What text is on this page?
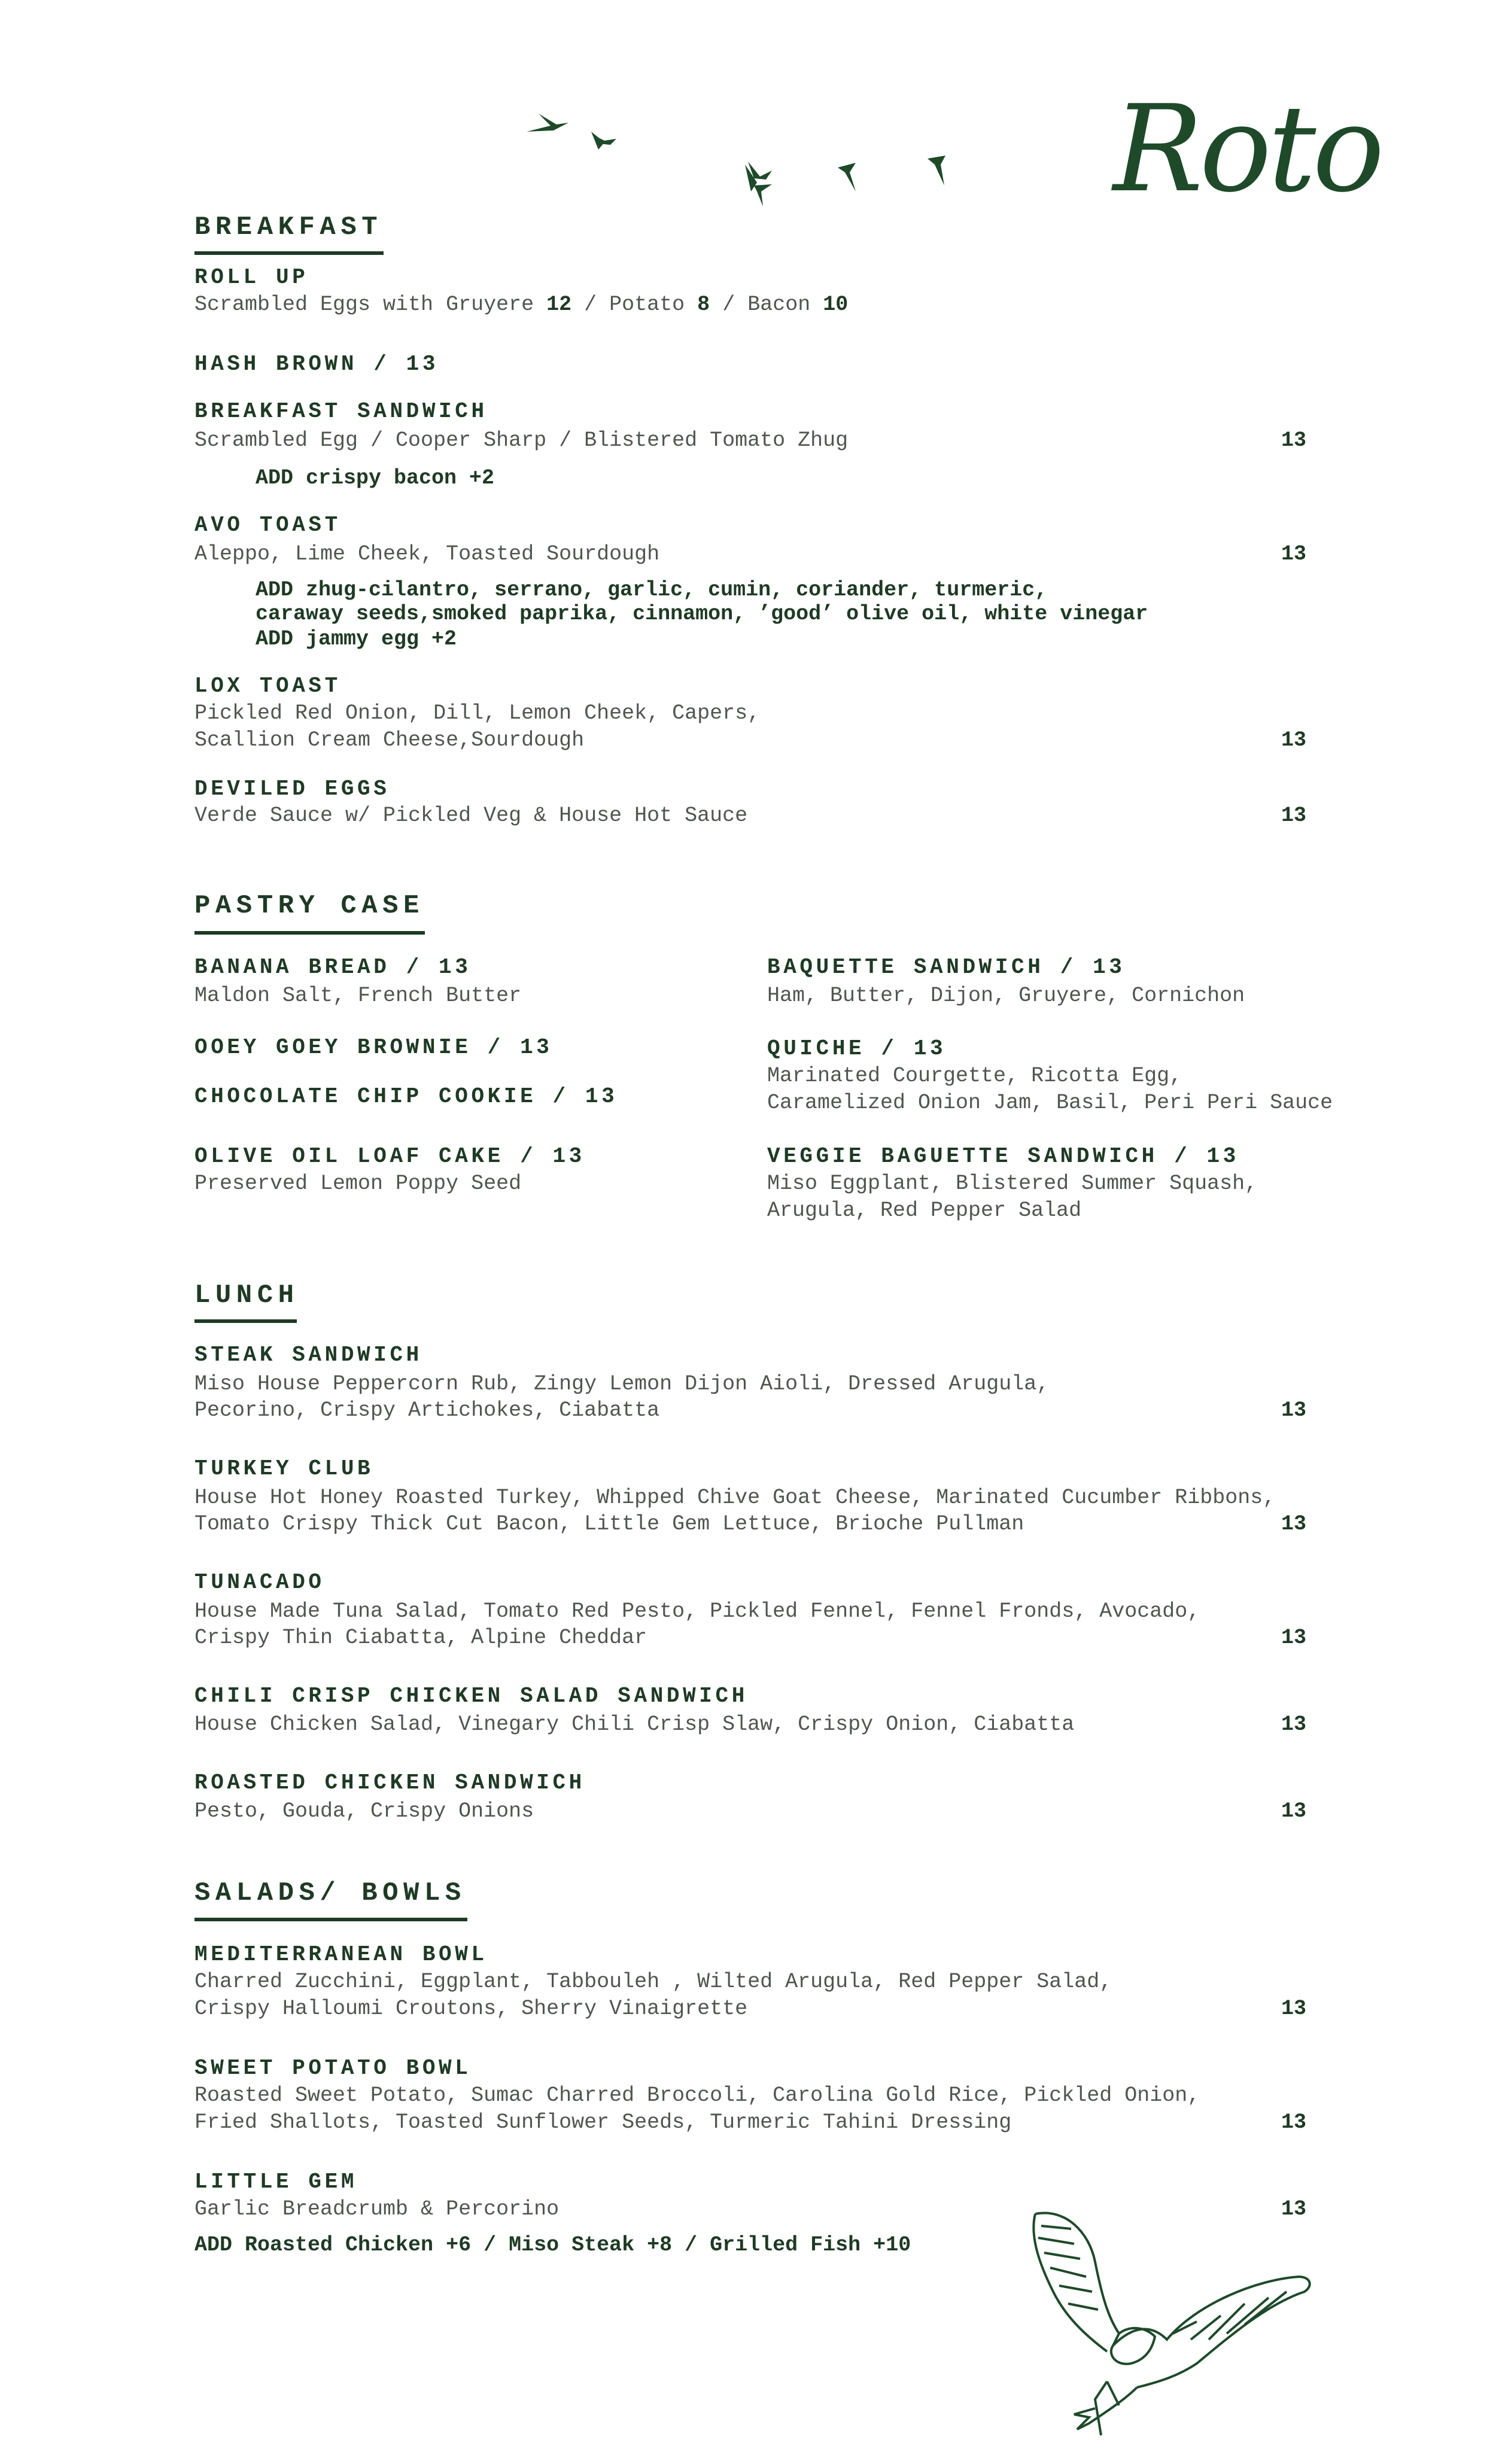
Roto
BREAKFAST
ROLL UP
Scrambled Eggs with Gruyere 12 / Potato 8 / Bacon 10
HASH BROWN / 13
BREAKFAST SANDWICH
Scrambled Egg / Cooper Sharp / Blistered Tomato Zhug	13
ADD crispy bacon +2
AVO TOAST
Aleppo, Lime Cheek, Toasted Sourdough	13
ADD zhug-cilantro, serrano, garlic, cumin, coriander, turmeric,
caraway seeds,smoked paprika, cinnamon, ’good’ olive oil, white vinegar
ADD jammy egg +2
LOX TOAST
Pickled Red Onion, Dill, Lemon Cheek, Capers,
Scallion Cream Cheese,Sourdough	13
DEVILED EGGS
Verde Sauce w/ Pickled Veg & House Hot Sauce	13
PASTRY CASE
BANANA BREAD / 13
Maldon Salt, French Butter
OOEY GOEY BROWNIE / 13
CHOCOLATE CHIP COOKIE / 13
OLIVE OIL LOAF CAKE / 13
Preserved Lemon Poppy Seed
BAQUETTE SANDWICH / 13
Ham, Butter, Dijon, Gruyere, Cornichon
QUICHE / 13
Marinated Courgette, Ricotta Egg,
Caramelized Onion Jam, Basil, Peri Peri Sauce
VEGGIE BAGUETTE SANDWICH / 13
Miso Eggplant, Blistered Summer Squash,
Arugula, Red Pepper Salad
LUNCH
STEAK SANDWICH
Miso House Peppercorn Rub, Zingy Lemon Dijon Aioli, Dressed Arugula,
Pecorino, Crispy Artichokes, Ciabatta	13
TURKEY CLUB
House Hot Honey Roasted Turkey, Whipped Chive Goat Cheese, Marinated Cucumber Ribbons,
Tomato Crispy Thick Cut Bacon, Little Gem Lettuce, Brioche Pullman	13
TUNACADO
House Made Tuna Salad, Tomato Red Pesto, Pickled Fennel, Fennel Fronds, Avocado,
Crispy Thin Ciabatta, Alpine Cheddar	13
CHILI CRISP CHICKEN SALAD SANDWICH
House Chicken Salad, Vinegary Chili Crisp Slaw, Crispy Onion, Ciabatta	13
ROASTED CHICKEN SANDWICH
Pesto, Gouda, Crispy Onions	13
SALADS/ BOWLS
MEDITERRANEAN BOWL
Charred Zucchini, Eggplant, Tabbouleh , Wilted Arugula, Red Pepper Salad,
Crispy Halloumi Croutons, Sherry Vinaigrette	13
SWEET POTATO BOWL
Roasted Sweet Potato, Sumac Charred Broccoli, Carolina Gold Rice, Pickled Onion,
Fried Shallots, Toasted Sunflower Seeds, Turmeric Tahini Dressing	13
LITTLE GEM
Garlic Breadcrumb & Percorino	13
ADD Roasted Chicken +6 / Miso Steak +8 / Grilled Fish +10
